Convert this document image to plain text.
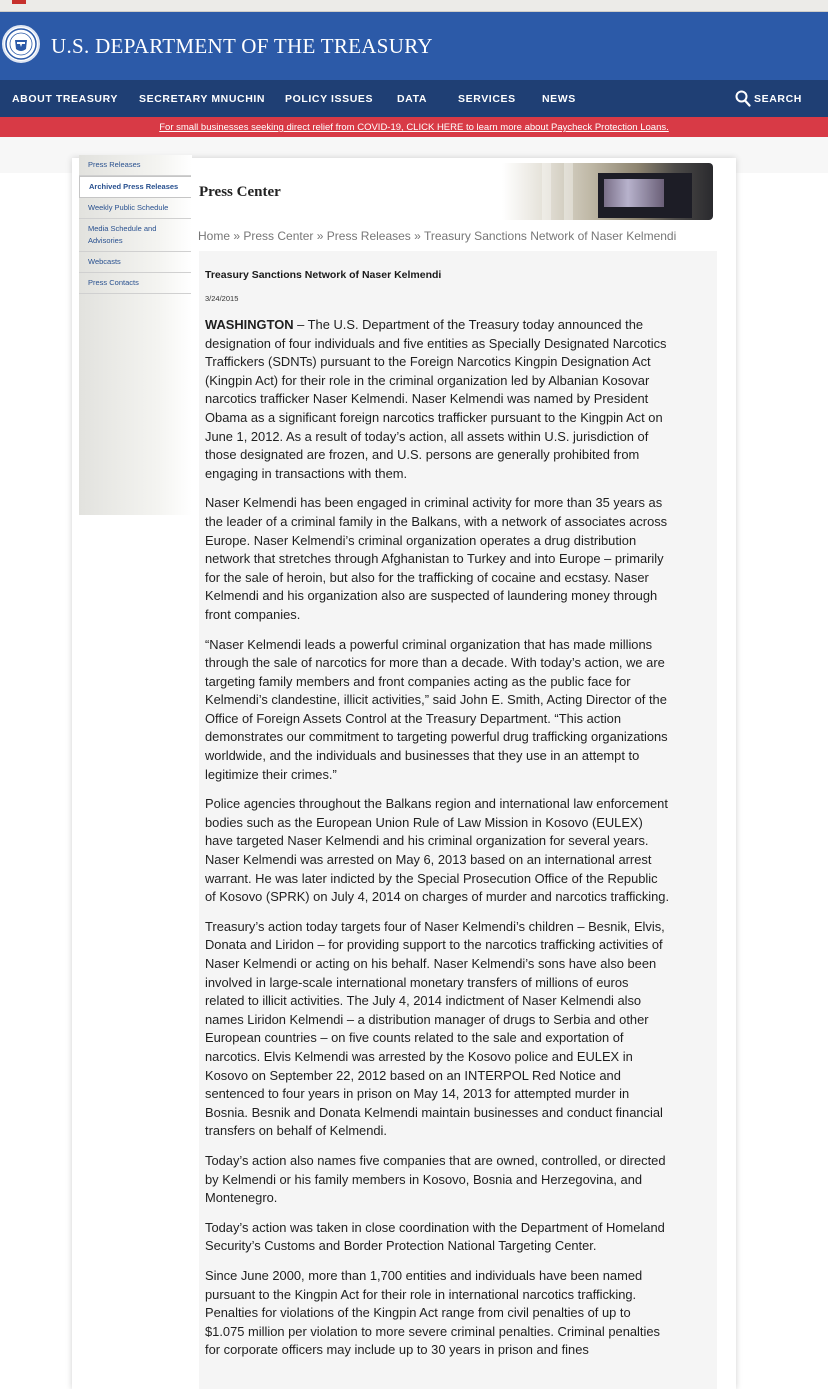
U.S. DEPARTMENT OF THE TREASURY
ABOUT TREASURY SECRETARY MNUCHIN POLICY ISSUES DATA	SERVICES	NEWS	SEARCH
For small businesses seeking direct relief from COVID-19, CLICK HERE to learn more about Paycheck Protection Loans.
Press Releases
Archived Press Releases
Weekly Public Schedule
Media Schedule and Advisories
Webcasts
Press Contacts
Press Center
Home » Press Center » Press Releases » Treasury Sanctions Network of Naser Kelmendi
Treasury Sanctions Network of Naser Kelmendi
3/24/2015

WASHINGTON – The U.S. Department of the Treasury today announced the designation of four individuals and five entities as Specially Designated Narcotics Traffickers (SDNTs) pursuant to the Foreign Narcotics Kingpin Designation Act (Kingpin Act) for their role in the criminal organization led by Albanian Kosovar narcotics trafficker Naser Kelmendi. Naser Kelmendi was named by President Obama as a significant foreign narcotics trafficker pursuant to the Kingpin Act on June 1, 2012. As a result of today’s action, all assets within U.S. jurisdiction of those designated are frozen, and U.S. persons are generally prohibited from engaging in transactions with them.

Naser Kelmendi has been engaged in criminal activity for more than 35 years as the leader of a criminal family in the Balkans, with a network of associates across Europe. Naser Kelmendi’s criminal organization operates a drug distribution network that stretches through Afghanistan to Turkey and into Europe – primarily for the sale of heroin, but also for the trafficking of cocaine and ecstasy. Naser Kelmendi and his organization also are suspected of laundering money through front companies.

“Naser Kelmendi leads a powerful criminal organization that has made millions through the sale of narcotics for more than a decade. With today’s action, we are targeting family members and front companies acting as the public face for Kelmendi’s clandestine, illicit activities,” said John E. Smith, Acting Director of the Office of Foreign Assets Control at the Treasury Department. “This action demonstrates our commitment to targeting powerful drug trafficking organizations worldwide, and the individuals and businesses that they use in an attempt to legitimize their crimes.”

Police agencies throughout the Balkans region and international law enforcement bodies such as the European Union Rule of Law Mission in Kosovo (EULEX) have targeted Naser Kelmendi and his criminal organization for several years. Naser Kelmendi was arrested on May 6, 2013 based on an international arrest warrant. He was later indicted by the Special Prosecution Office of the Republic of Kosovo (SPRK) on July 4, 2014 on charges of murder and narcotics trafficking.

Treasury’s action today targets four of Naser Kelmendi’s children – Besnik, Elvis, Donata and Liridon – for providing support to the narcotics trafficking activities of Naser Kelmendi or acting on his behalf. Naser Kelmendi’s sons have also been involved in large-scale international monetary transfers of millions of euros related to illicit activities. The July 4, 2014 indictment of Naser Kelmendi also names Liridon Kelmendi – a distribution manager of drugs to Serbia and other European countries – on five counts related to the sale and exportation of narcotics. Elvis Kelmendi was arrested by the Kosovo police and EULEX in Kosovo on September 22, 2012 based on an INTERPOL Red Notice and sentenced to four years in prison on May 14, 2013 for attempted murder in Bosnia. Besnik and Donata Kelmendi maintain businesses and conduct financial transfers on behalf of Kelmendi.

Today’s action also names five companies that are owned, controlled, or directed by Kelmendi or his family members in Kosovo, Bosnia and Herzegovina, and Montenegro.

Today’s action was taken in close coordination with the Department of Homeland Security’s Customs and Border Protection National Targeting Center.

Since June 2000, more than 1,700 entities and individuals have been named pursuant to the Kingpin Act for their role in international narcotics trafficking. Penalties for violations of the Kingpin Act range from civil penalties of up to $1.075 million per violation to more severe criminal penalties. Criminal penalties for corporate officers may include up to 30 years in prison and fines
